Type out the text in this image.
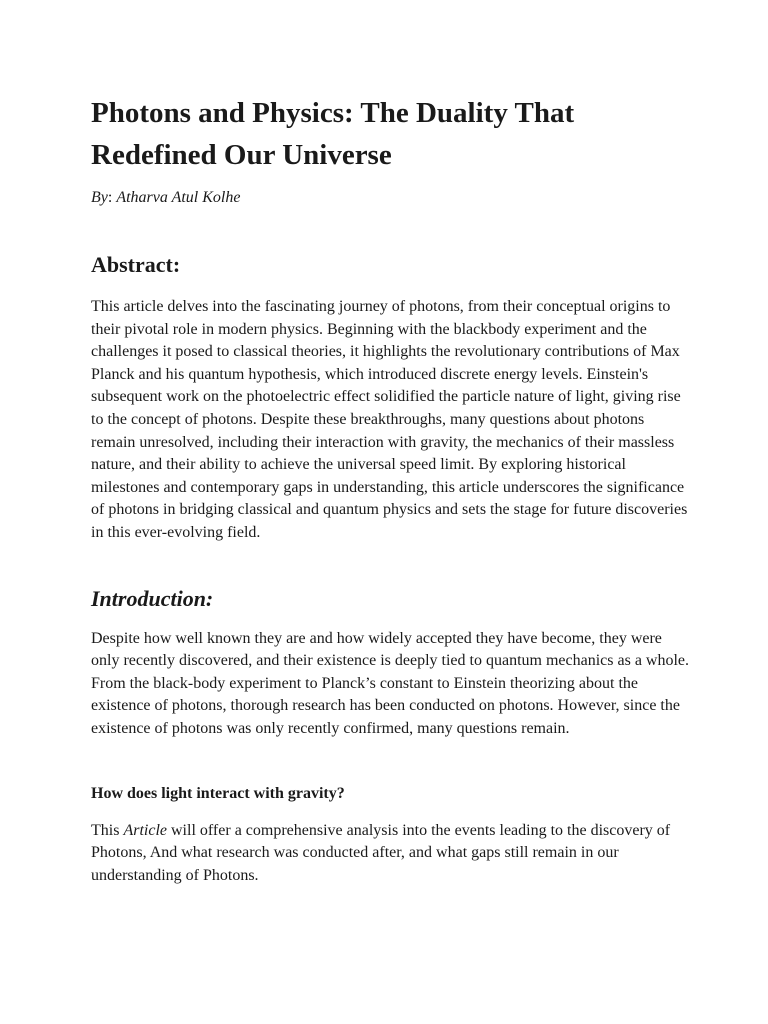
Photons and Physics: The Duality That Redefined Our Universe
By: Atharva Atul Kolhe
Abstract:

This article delves into the fascinating journey of photons, from their conceptual origins to their pivotal role in modern physics. Beginning with the blackbody experiment and the challenges it posed to classical theories, it highlights the revolutionary contributions of Max Planck and his quantum hypothesis, which introduced discrete energy levels. Einstein's subsequent work on the photoelectric effect solidified the particle nature of light, giving rise to the concept of photons. Despite these breakthroughs, many questions about photons remain unresolved, including their interaction with gravity, the mechanics of their massless nature, and their ability to achieve the universal speed limit. By exploring historical milestones and contemporary gaps in understanding, this article underscores the significance of photons in bridging classical and quantum physics and sets the stage for future discoveries in this ever-evolving field.

Introduction:

Despite how well known they are and how widely accepted they have become, they were only recently discovered, and their existence is deeply tied to quantum mechanics as a whole. From the black-body experiment to Planck’s constant to Einstein theorizing about the existence of photons, thorough research has been conducted on photons. However, since the existence of photons was only recently confirmed, many questions remain.

How does light interact with gravity?

This Article will offer a comprehensive analysis into the events leading to the discovery of Photons, And what research was conducted after, and what gaps still remain in our understanding of Photons.
